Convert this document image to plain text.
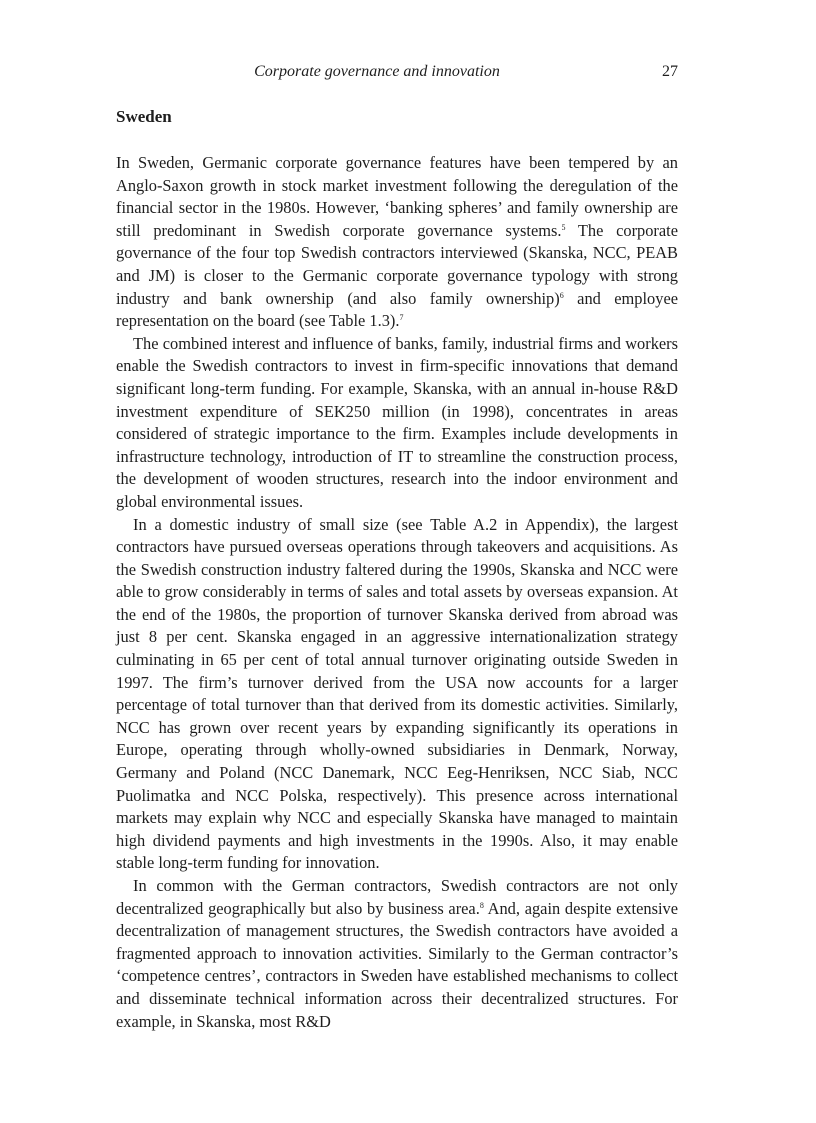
Corporate governance and innovation	27
Sweden

In Sweden, Germanic corporate governance features have been tempered by an Anglo-Saxon growth in stock market investment following the deregulation of the financial sector in the 1980s. However, ‘banking spheres’ and family ownership are still predominant in Swedish corporate governance systems.$^5$ The corporate governance of the four top Swedish contractors interviewed (Skanska, NCC, PEAB and JM) is closer to the Germanic corporate governance typology with strong industry and bank ownership (and also family ownership)$^6$ and employee representation on the board (see Table 1.3).$^7$

The combined interest and influence of banks, family, industrial firms and workers enable the Swedish contractors to invest in firm-specific innovations that demand significant long-term funding. For example, Skanska, with an annual in-house R&D investment expenditure of SEK250 million (in 1998), concentrates in areas considered of strategic importance to the firm. Examples include developments in infrastructure technology, introduction of IT to streamline the construction process, the development of wooden structures, research into the indoor environment and global environmental issues.

In a domestic industry of small size (see Table A.2 in Appendix), the largest contractors have pursued overseas operations through takeovers and acquisitions. As the Swedish construction industry faltered during the 1990s, Skanska and NCC were able to grow considerably in terms of sales and total assets by overseas expansion. At the end of the 1980s, the proportion of turnover Skanska derived from abroad was just 8 per cent. Skanska engaged in an aggressive internationalization strategy culminating in 65 per cent of total annual turnover originating outside Sweden in 1997. The firm’s turnover derived from the USA now accounts for a larger percentage of total turnover than that derived from its domestic activities. Similarly, NCC has grown over recent years by expanding significantly its operations in Europe, operating through wholly-owned subsidiaries in Denmark, Norway, Germany and Poland (NCC Danemark, NCC Eeg-Henriksen, NCC Siab, NCC Puolimatka and NCC Polska, respectively). This presence across international markets may explain why NCC and especially Skanska have managed to maintain high dividend payments and high investments in the 1990s. Also, it may enable stable long-term funding for innovation.

In common with the German contractors, Swedish contractors are not only decentralized geographically but also by business area.$^8$ And, again despite extensive decentralization of management structures, the Swedish contractors have avoided a fragmented approach to innovation activities. Similarly to the German contractor’s ‘competence centres’, contractors in Sweden have established mechanisms to collect and disseminate technical information across their decentralized structures. For example, in Skanska, most R&D
